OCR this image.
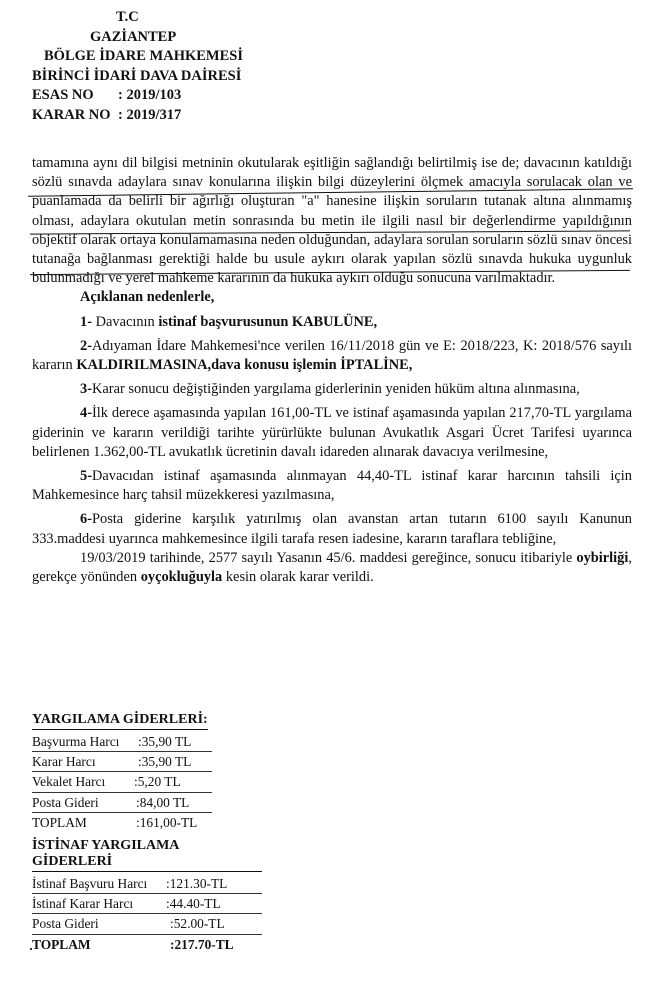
T.C
GAZİANTEP
BÖLGE İDARE MAHKEMESİ
BİRİNCİ İDARİ DAVA DAİRESİ
ESAS NO : 2019/103
KARAR NO : 2019/317

tamamına aynı dil bilgisi metninin okutularak eşitliğin sağlandığı belirtilmiş ise de; davacının katıldığı sözlü sınavda adaylara sınav konularına ilişkin bilgi düzeylerini ölçmek amacıyla sorulacak olan ve puanlamada da belirli bir ağırlığı oluşturan "a" hanesine ilişkin soruların tutanak altına alınmamış olması, adaylara okutulan metin sonrasında bu metin ile ilgili nasıl bir değerlendirme yapıldığının objektif olarak ortaya konulamamasına neden olduğundan, adaylara sorulan soruların sözlü sınav öncesi tutanağa bağlanması gerektiği halde bu usule aykırı olarak yapılan sözlü sınavda hukuka uygunluk bulunmadığı ve yerel mahkeme kararının da hukuka aykırı olduğu sonucuna varılmaktadır.

Açıklanan nedenlerle,

1- Davacının istinaf başvurusunun KABULÜNE,

2-Adıyaman İdare Mahkemesi'nce verilen 16/11/2018 gün ve E: 2018/223, K: 2018/576 sayılı kararın KALDIRILMASINA,dava konusu işlemin İPTALİNE,

3-Karar sonucu değiştiğinden yargılama giderlerinin yeniden hüküm altına alınmasına,

4-İlk derece aşamasında yapılan 161,00-TL ve istinaf aşamasında yapılan 217,70-TL yargılama giderinin ve kararın verildiği tarihte yürürlükte bulunan Avukatlık Asgari Ücret Tarifesi uyarınca belirlenen 1.362,00-TL avukatlık ücretinin davalı idareden alınarak davacıya verilmesine,

5-Davacıdan istinaf aşamasında alınmayan 44,40-TL istinaf karar harcının tahsili için Mahkemesince harç tahsil müzekkeresi yazılmasına,

6-Posta giderine karşılık yatırılmış olan avanstan artan tutarın 6100 sayılı Kanunun 333.maddesi uyarınca mahkemesince ilgili tarafa resen iadesine, kararın taraflara tebliğine,

19/03/2019 tarihinde, 2577 sayılı Yasanın 45/6. maddesi gereğince, sonucu itibariyle oybirliği, gerekçe yönünden oyçokluğuyla kesin olarak karar verildi.

YARGILAMA GİDERLERİ:
Başvurma Harcı :35,90 TL
Karar Harcı	:35,90 TL
Vekalet Harcı :5,20 TL
Posta Gideri	:84,00 TL
TOPLAM	:161,00-TL
İSTİNAF YARGILAMA GİDERLERİ
İstinaf Başvuru Harcı :121.30-TL
İstinaf Karar Harcı :44.40-TL
Posta Gideri	:52.00-TL
TOPLAM	:217.70-TL
